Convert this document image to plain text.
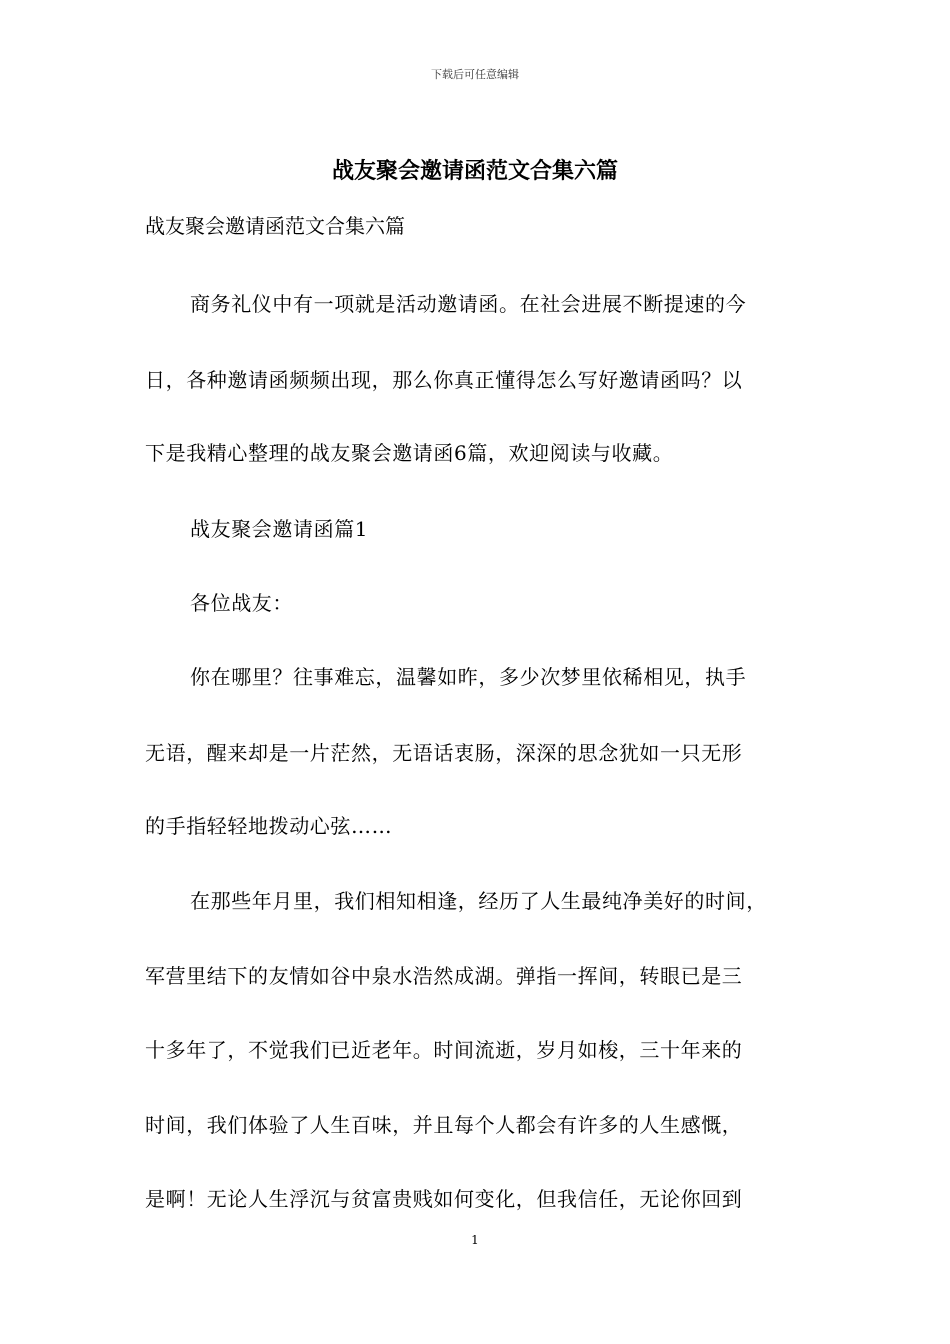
下载后可任意编辑
战友聚会邀请函范文合集六篇
战友聚会邀请函范文合集六篇
商务礼仪中有一项就是活动邀请函。在社会进展不断提速的今
日，各种邀请函频频出现，那么你真正懂得怎么写好邀请函吗？以
下是我精心整理的战友聚会邀请函6篇，欢迎阅读与收藏。
战友聚会邀请函篇1
各位战友：
你在哪里？往事难忘，温馨如昨，多少次梦里依稀相见，执手
无语，醒来却是一片茫然，无语话衷肠，深深的思念犹如一只无形
的手指轻轻地拨动心弦……
在那些年月里，我们相知相逢，经历了人生最纯净美好的时间，
军营里结下的友情如谷中泉水浩然成湖。弹指一挥间，转眼已是三
十多年了，不觉我们已近老年。时间流逝，岁月如梭，三十年来的
时间，我们体验了人生百味，并且每个人都会有许多的人生感慨，
是啊！无论人生浮沉与贫富贵贱如何变化，但我信任，无论你回到
1
